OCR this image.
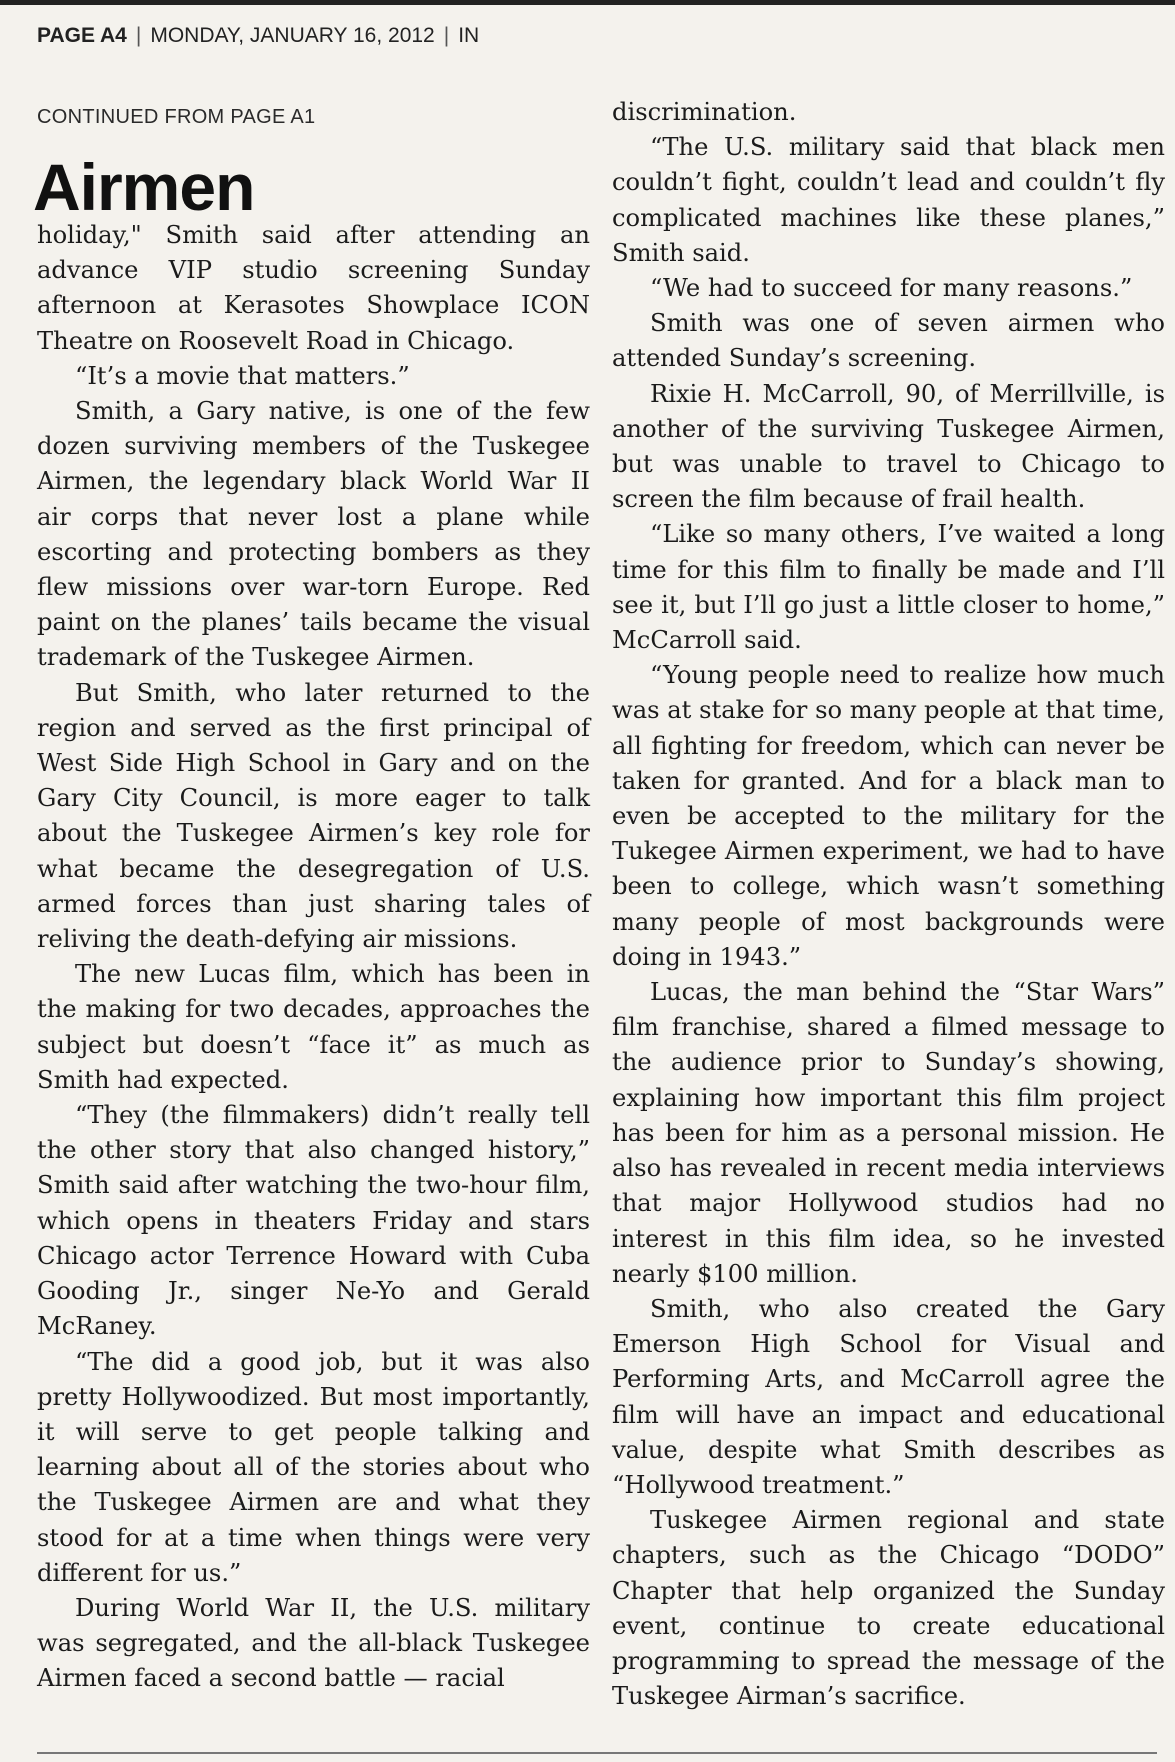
PAGE A4 | MONDAY, JANUARY 16, 2012 | IN
CONTINUED FROM PAGE A1
Airmen

holiday," Smith said after attending an advance VIP studio screening Sunday afternoon at Kerasotes Showplace ICON Theatre on Roosevelt Road in Chicago.

“It’s a movie that matters.”

Smith, a Gary native, is one of the few dozen surviving members of the Tuskegee Airmen, the legendary black World War II air corps that never lost a plane while escorting and protecting bombers as they flew missions over war-torn Europe. Red paint on the planes’ tails became the visual trademark of the Tuskegee Airmen.

But Smith, who later returned to the region and served as the first principal of West Side High School in Gary and on the Gary City Council, is more eager to talk about the Tuskegee Airmen’s key role for what became the desegregation of U.S. armed forces than just sharing tales of reliving the death-defying air missions.

The new Lucas film, which has been in the making for two decades, approaches the subject but doesn’t “face it” as much as Smith had expected.

“They (the filmmakers) didn’t really tell the other story that also changed history,” Smith said after watching the two-hour film, which opens in theaters Friday and stars Chicago actor Terrence Howard with Cuba Gooding Jr., singer Ne-Yo and Gerald McRaney.

“The did a good job, but it was also pretty Hollywoodized. But most importantly, it will serve to get people talking and learning about all of the stories about who the Tuskegee Airmen are and what they stood for at a time when things were very different for us.”

During World War II, the U.S. military was segregated, and the all-black Tuskegee Airmen faced a second battle — racial

discrimination.

“The U.S. military said that black men couldn’t fight, couldn’t lead and couldn’t fly complicated machines like these planes,” Smith said.

“We had to succeed for many reasons.”

Smith was one of seven airmen who attended Sunday’s screening.

Rixie H. McCarroll, 90, of Merrillville, is another of the surviving Tuskegee Airmen, but was unable to travel to Chicago to screen the film because of frail health.

“Like so many others, I’ve waited a long time for this film to finally be made and I’ll see it, but I’ll go just a little closer to home,” McCarroll said.

“Young people need to realize how much was at stake for so many people at that time, all fighting for freedom, which can never be taken for granted. And for a black man to even be accepted to the military for the Tukegee Airmen experiment, we had to have been to college, which wasn’t something many people of most backgrounds were doing in 1943.”

Lucas, the man behind the “Star Wars” film franchise, shared a filmed message to the audience prior to Sunday’s showing, explaining how important this film project has been for him as a personal mission. He also has revealed in recent media interviews that major Hollywood studios had no interest in this film idea, so he invested nearly $100 million.

Smith, who also created the Gary Emerson High School for Visual and Performing Arts, and McCarroll agree the film will have an impact and educational value, despite what Smith describes as “Hollywood treatment.”

Tuskegee Airmen regional and state chapters, such as the Chicago “DODO” Chapter that help organized the Sunday event, continue to create educational programming to spread the message of the Tuskegee Airman’s sacrifice.
